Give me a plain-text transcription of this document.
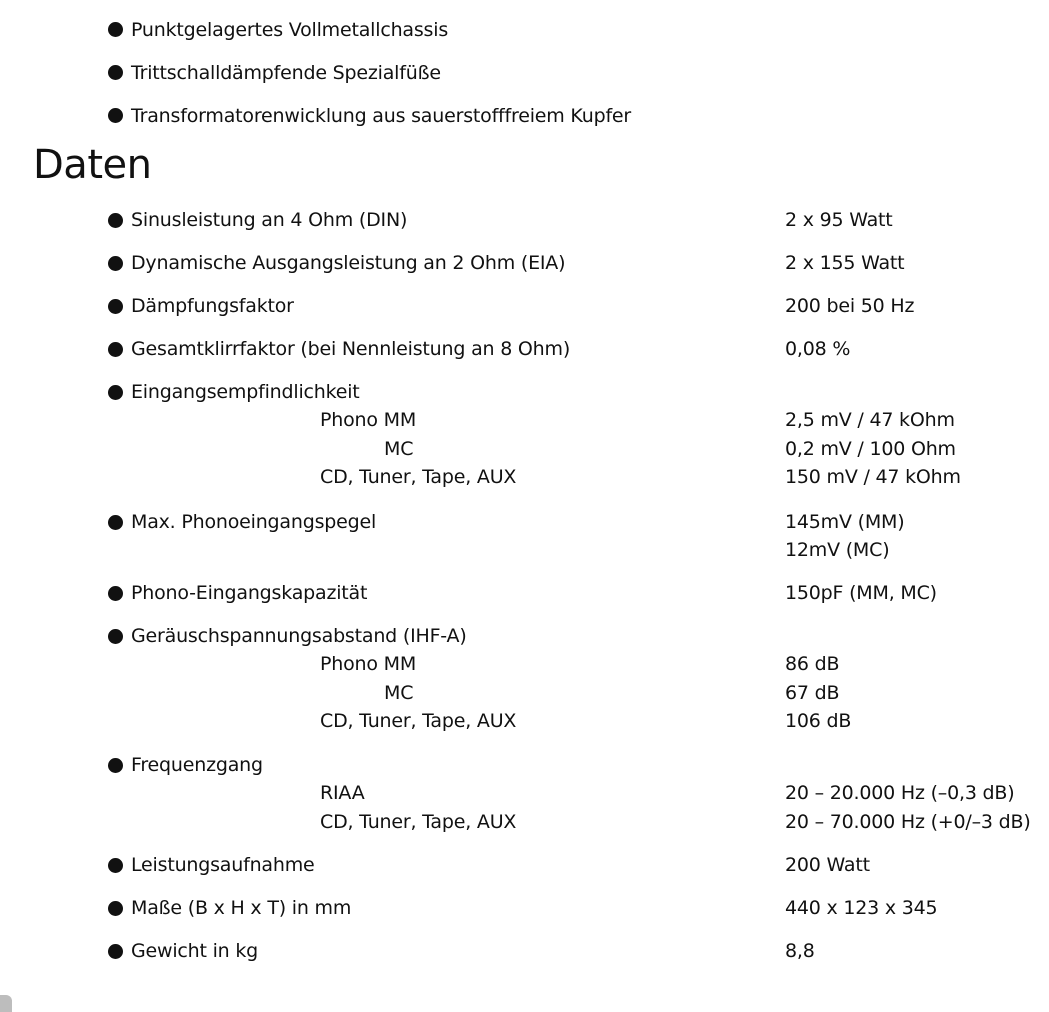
Punktgelagertes Vollmetallchassis
Trittschalldämpfende Spezialfüße
Transformatorenwicklung aus sauerstofffreiem Kupfer
Daten
Sinusleistung an 4 Ohm (DIN)	2 x 95 Watt
Dynamische Ausgangsleistung an 2 Ohm (EIA)	2 x 155 Watt
Dämpfungsfaktor	200 bei 50 Hz
Gesamtklirrfaktor (bei Nennleistung an 8 Ohm)	0,08 %
Eingangsempfindlichkeit
Phono MM	2,5 mV / 47 kOhm
MC	0,2 mV / 100 Ohm
CD, Tuner, Tape, AUX	150 mV / 47 kOhm
Max. Phonoeingangspegel	145mV (MM)
12mV (MC)
Phono-Eingangskapazität	150pF (MM, MC)
Geräuschspannungsabstand (IHF-A)
Phono MM	86 dB
MC	67 dB
CD, Tuner, Tape, AUX	106 dB
Frequenzgang
RIAA	20 – 20.000 Hz (–0,3 dB)
CD, Tuner, Tape, AUX	20 – 70.000 Hz (+0/–3 dB)
Leistungsaufnahme	200 Watt
Maße (B x H x T) in mm	440 x 123 x 345
Gewicht in kg	8,8
